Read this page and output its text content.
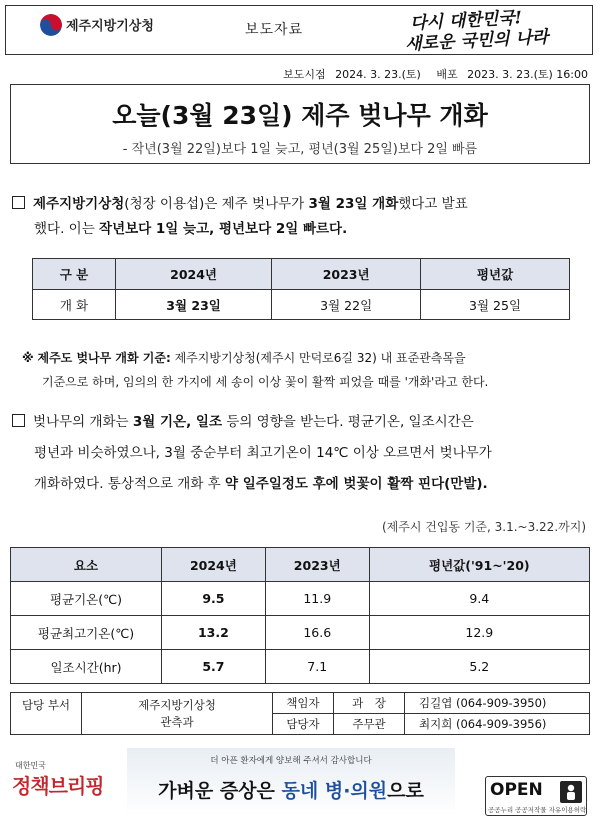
제주지방기상청	보도자료	다시 대한민국!
새로운 국민의 나라
보도시점 2024. 3. 23.(토) 배포 2023. 3. 23.(토) 16:00
오늘(3월 23일) 제주 벚나무 개화
- 작년(3월 22일)보다 1일 늦고, 평년(3월 25일)보다 2일 빠름

제주지방기상청(청장 이용섭)은 제주 벚나무가 3월 23일 개화했다고 발표

했다. 이는 작년보다 1일 늦고, 평년보다 2일 빠르다.

구 분	2024년	2023년	평년값
개 화	3월 23일	3월 22일	3월 25일

※ 제주도 벚나무 개화 기준: 제주지방기상청(제주시 만덕로6길 32) 내 표준관측목을

기준으로 하며, 임의의 한 가지에 세 송이 이상 꽃이 활짝 피었을 때를 '개화'라고 한다.

벚나무의 개화는 3월 기온, 일조 등의 영향을 받는다. 평균기온, 일조시간은

평년과 비슷하였으나, 3월 중순부터 최고기온이 14℃ 이상 오르면서 벚나무가

개화하였다. 통상적으로 개화 후 약 일주일정도 후에 벚꽃이 활짝 핀다(만발).

(제주시 건입동 기준, 3.1.~3.22.까지)
요소	2024년	2023년	평년값('91~'20)
평균기온(℃)	9.5	11.9	9.4
평균최고기온(℃)	13.2	16.6	12.9
일조시간(hr)	5.7	7.1	5.2
담당 부서	제주지방기상청
관측과	책임자	과　장	김길엽 (064-909-3950)
		담당자	주무관	최지희 (064-909-3956)
대한민국
정책브리핑
더 아픈 환자에게 양보해 주셔서 감사합니다
가벼운 증상은 동네 병·의원으로	OPEN
공공누리 공공저작물 자유이용허락
